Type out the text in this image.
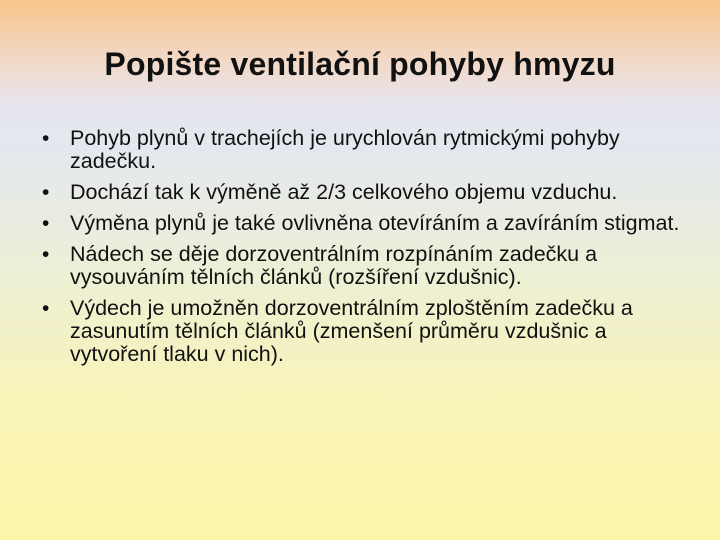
Popište ventilační pohyby hmyzu
• Pohyb plynů v trachejích je urychlován rytmickými pohyby zadečku.
• Dochází tak k výměně až 2/3 celkového objemu vzduchu.
• Výměna plynů je také ovlivněna otevíráním a zavíráním stigmat.
• Nádech se děje dorzoventrálním rozpínáním zadečku a vysouváním tělních článků (rozšíření vzdušnic).
• Výdech je umožněn dorzoventrálním zploštěním zadečku a zasunutím tělních článků (zmenšení průměru vzdušnic a vytvoření tlaku v nich).
